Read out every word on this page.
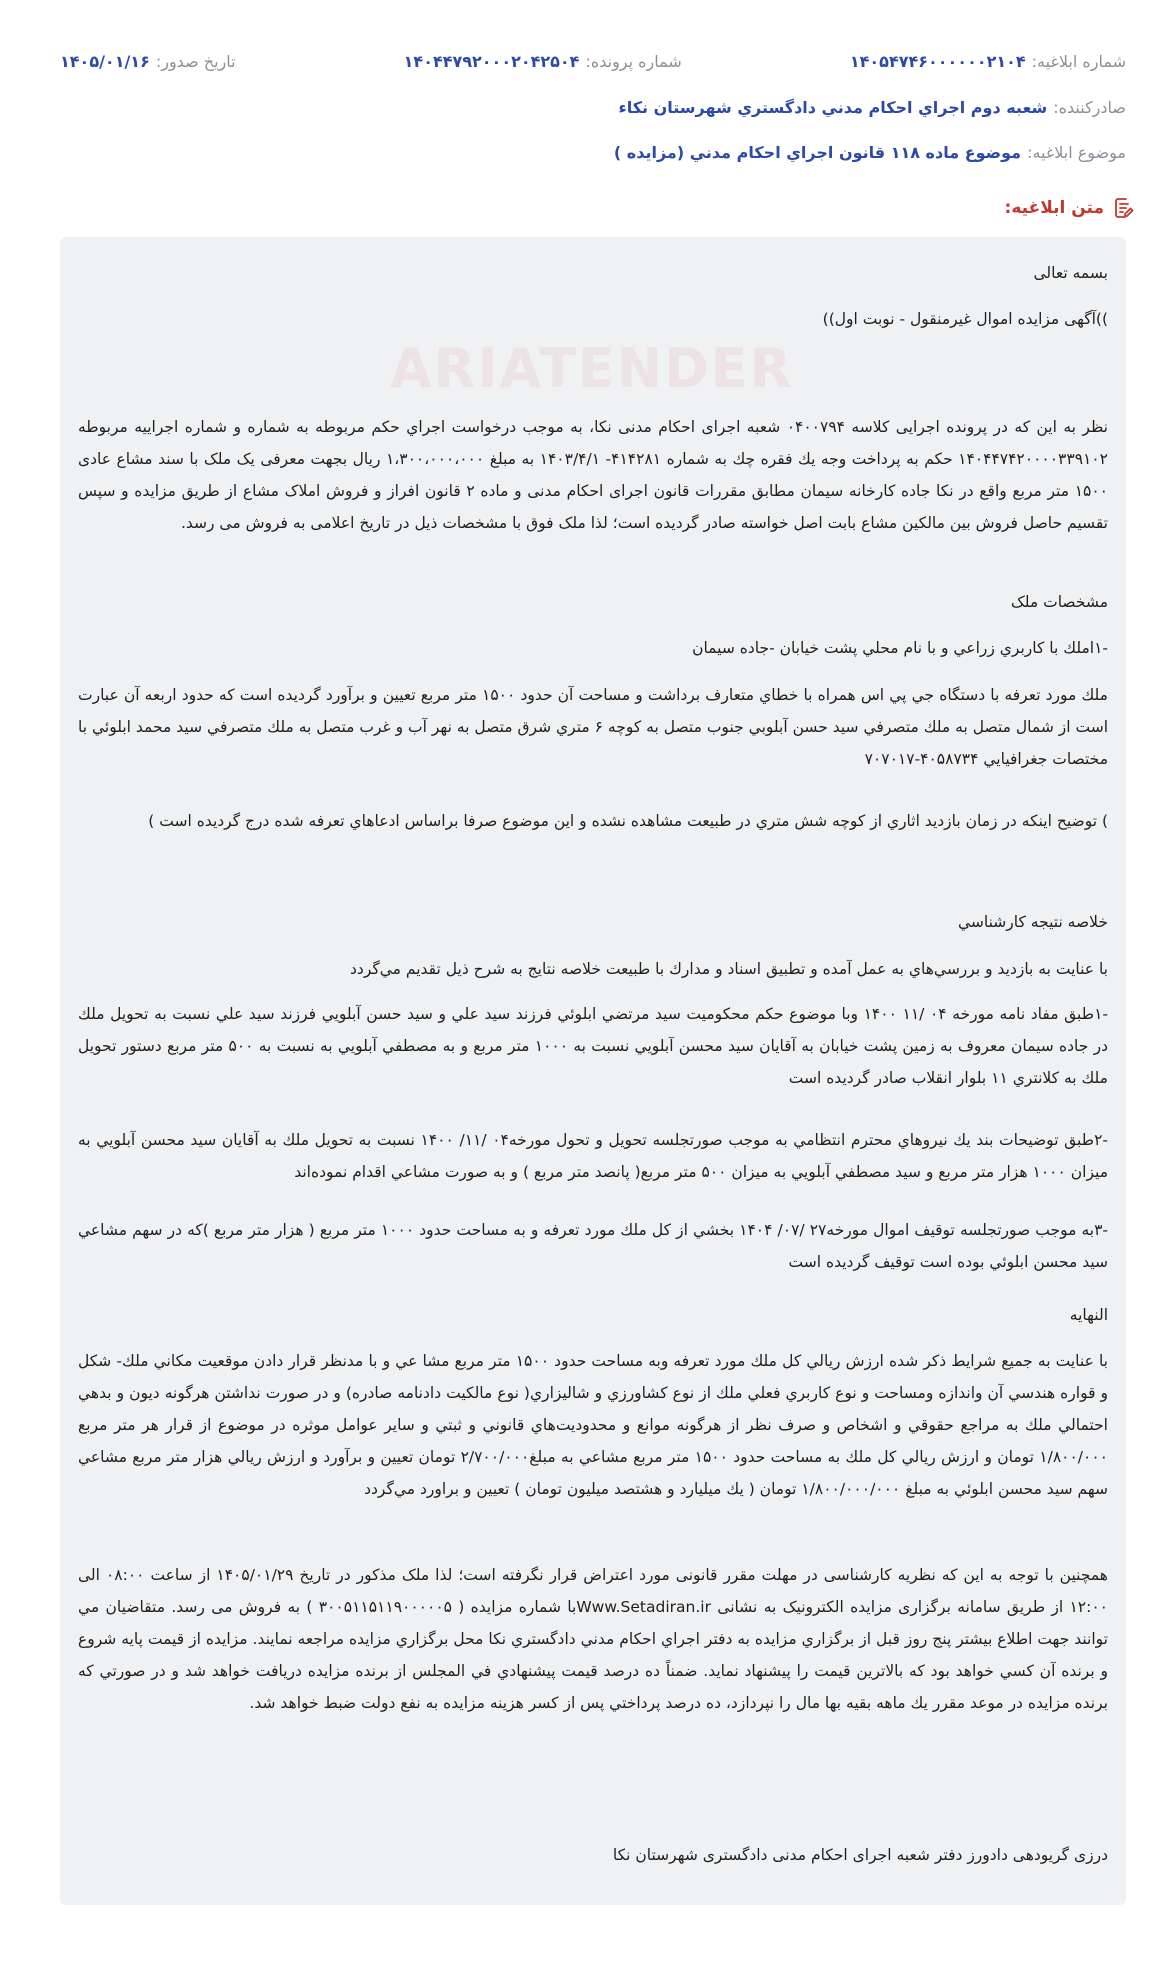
شماره ابلاغیه:
۱۴۰۵۴۷۴۶۰۰۰۰۰۰۲۱۰۴
شماره پرونده:
۱۴۰۴۴۷۹۲۰۰۰۲۰۴۲۵۰۴
تاریخ صدور:
۱۴۰۵/۰۱/۱۶
صادرکننده:
شعبه دوم اجراي احکام مدني دادگستري شهرستان نکاء
موضوع ابلاغیه:
موضوع ماده ۱۱۸ قانون اجراي احکام مدني (مزايده )
متن ابلاغیه:
ARIATENDER
بسمه تعالی
))آگهی مزایده اموال غیرمنقول - نوبت اول))
نظر به این که در پرونده اجرایی کلاسه ۰۴۰۰۷۹۴ شعبه اجرای احکام مدنی نکا، به موجب درخواست اجراي حکم مربوطه به شماره و شماره اجراییه مربوطه ۱۴۰۴۴۷۴۲۰۰۰۰۳۳۹۱۰۲ حکم به پرداخت وجه یك فقره چك به شماره ۴۱۴۲۸۱- ۱۴۰۳/۴/۱ به مبلغ ۱،۳۰۰،۰۰۰،۰۰۰ ریال بجهت معرفی یک ملک با سند مشاع عادی ۱۵۰۰ متر مربع واقع در نکا جاده کارخانه سیمان مطابق مقررات قانون اجرای احکام مدنی و ماده ۲ قانون افراز و فروش املاک مشاع از طریق مزایده و سپس تقسیم حاصل فروش بین مالکین مشاع بابت اصل خواسته صادر گردیده است؛ لذا ملک فوق با مشخصات ذیل در تاریخ اعلامی به فروش می رسد.
مشخصات ملک
-۱املك با كاربري زراعي و با نام محلي پشت خيابان -جاده سيمان
ملك مورد تعرفه با دستگاه جي پي اس همراه با خطاي متعارف برداشت و مساحت آن حدود ۱۵۰۰ متر مربع تعيين و برآورد گرديده است كه حدود اربعه آن عبارت است از شمال متصل به ملك متصرفي سيد حسن آبلوبي جنوب متصل به كوچه ۶ متري شرق متصل به نهر آب و غرب متصل به ملك متصرفي سيد محمد ابلوئي با مختصات جغرافيايي ۴۰۵۸۷۳۴-۷۰۷۰۱۷
) توضيح اينكه در زمان بازديد اثاري از كوچه شش متري در طبيعت مشاهده نشده و اين موضوع صرفا براساس ادعاهاي تعرفه شده درج گرديده است )
خلاصه نتيجه كارشناسي
با عنايت به بازديد و بررسي‌هاي به عمل آمده و تطبيق اسناد و مدارك با طبيعت خلاصه نتايج به شرح ذيل تقديم مي‌گردد
-۱طبق مفاد نامه مورخه ۰۴ /۱۱ ۱۴۰۰ وبا موضوع حكم محكوميت سيد مرتضي ابلوئي فرزند سيد علي و سيد حسن آبلويي فرزند سيد علي نسبت به تحويل ملك در جاده سيمان معروف به زمين پشت خيابان به آقايان سيد محسن آبلويي نسبت به ۱۰۰۰ متر مربع و به مصطفي آبلويي به نسبت به ۵۰۰ متر مربع دستور تحويل ملك به كلانتري ۱۱ بلوار انقلاب صادر گرديده است
-۲طبق توضيحات بند يك نيروهاي محترم انتظامي به موجب صورتجلسه تحويل و تحول مورخه۰۴ /۱۱/ ۱۴۰۰ نسبت به تحويل ملك به آقايان سيد محسن آبلويي به ميزان ۱۰۰۰ هزار متر مربع و سيد مصطفي آبلويي به ميزان ۵۰۰ متر مربع( پانصد متر مربع ) و به صورت مشاعي اقدام نموده‌اند
-۳به موجب صورتجلسه توقيف اموال مورخه۲۷ /۰۷/ ۱۴۰۴ بخشي از كل ملك مورد تعرفه و به مساحت حدود ۱۰۰۰ متر مربع ( هزار متر مربع )كه در سهم مشاعي سيد محسن ابلوئي بوده است توقيف گرديده است
النهايه
با عنايت به جميع شرايط ذكر شده ارزش ريالي كل ملك مورد تعرفه وبه مساحت حدود ۱۵۰۰ متر مربع مشا عي و با مدنظر قرار دادن موقعيت مكاني ملك- شكل و قواره هندسي آن واندازه ومساحت و نوع كاربري فعلي ملك از نوع كشاورزي و شاليزاري( نوع مالكيت دادنامه صادره) و در صورت نداشتن هرگونه ديون و بدهي احتمالي ملك به مراجع حقوقي و اشخاص و صرف نظر از هرگونه موانع و محدوديت‌هاي قانوني و ثبتي و ساير عوامل موثره در موضوع از قرار هر متر مربع ۱/۸۰۰/۰۰۰ تومان و ارزش ريالي كل ملك به مساحت حدود ۱۵۰۰ متر مربع مشاعي به مبلغ۲/۷۰۰/۰۰۰ تومان تعيين و برآورد و ارزش ريالي هزار متر مربع مشاعي سهم سيد محسن ابلوئي به مبلغ ۱/۸۰۰/۰۰۰/۰۰۰ تومان ( يك ميليارد و هشتصد ميليون تومان ) تعيين و براورد مي‌گردد
همچنین با توجه به این که نظریه کارشناسی در مهلت مقرر قانونی مورد اعتراض قرار نگرفته است؛ لذا ملک مذکور در تاریخ ۱۴۰۵/۰۱/۲۹ از ساعت ۰۸:۰۰ الی ۱۲:۰۰ از طریق سامانه برگزاری مزایده الکترونیک به نشانی Www.Setadiran.irبا شماره مزایده ( ۳۰۰۵۱۱۵۱۱۹۰۰۰۰۰۵ ) به فروش می رسد. متقاضیان مي توانند جهت اطلاع بيشتر پنج روز قبل از برگزاري مزايده به دفتر اجراي احكام مدني دادگستري نكا محل برگزاري مزايده مراجعه نمايند. مزايده از قيمت پايه شروع و برنده آن كسي خواهد بود كه بالاترين قيمت را پيشنهاد نمايد. ضمناً ده درصد قيمت پيشنهادي في المجلس از برنده مزايده دريافت خواهد شد و در صورتي كه برنده مزايده در موعد مقرر يك ماهه بقيه بها مال را نپردازد، ده درصد پرداختي پس از كسر هزينه مزايده به نفع دولت ضبط خواهد شد.
درزی گریودهی دادورز دفتر شعبه اجرای احکام مدنی دادگستری شهرستان نکا
